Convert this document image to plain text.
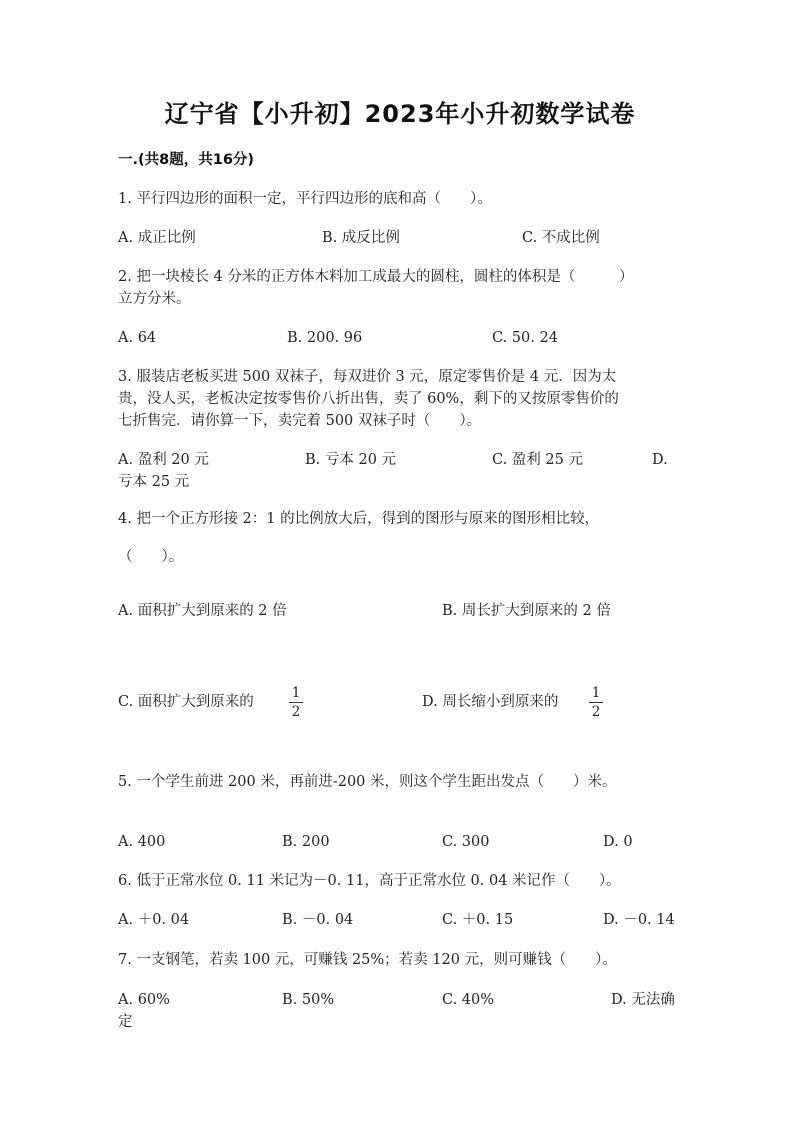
辽宁省【小升初】2023年小升初数学试卷
一.(共8题，共16分)
1. 平行四边形的面积一定，平行四边形的底和高（　　）。
A. 成正比例	B. 成反比例	C. 不成比例
2. 把一块棱长 4 分米的正方体木料加工成最大的圆柱，圆柱的体积是（　　　）
立方分米。
A. 64	B. 200. 96	C. 50. 24
3. 服装店老板买进 500 双袜子，每双进价 3 元，原定零售价是 4 元．因为太
贵，没人买，老板决定按零售价八折出售，卖了 60%，剩下的又按原零售价的
七折售完．请你算一下，卖完着 500 双袜子时（　　）。
A. 盈利 20 元	B. 亏本 20 元	C. 盈利 25 元	D.
亏本 25 元
4. 把一个正方形接 2：1 的比例放大后，得到的图形与原来的图形相比较，
（　　）。
A. 面积扩大到原来的 2 倍	B. 周长扩大到原来的 2 倍
C. 面积扩大到原来的
1
2
D. 周长缩小到原来的
1
2
5. 一个学生前进 200 米，再前进-200 米，则这个学生距出发点（　　）米。
A. 400	B. 200	C. 300	D. 0
6. 低于正常水位 0. 11 米记为－0. 11，高于正常水位 0. 04 米记作（　　）。
A. ＋0. 04	B. －0. 04	C. ＋0. 15	D. －0. 14
7. 一支钢笔，若卖 100 元，可赚钱 25%；若卖 120 元，则可赚钱（　　）。
A. 60%	B. 50%	C. 40%	D. 无法确
定
